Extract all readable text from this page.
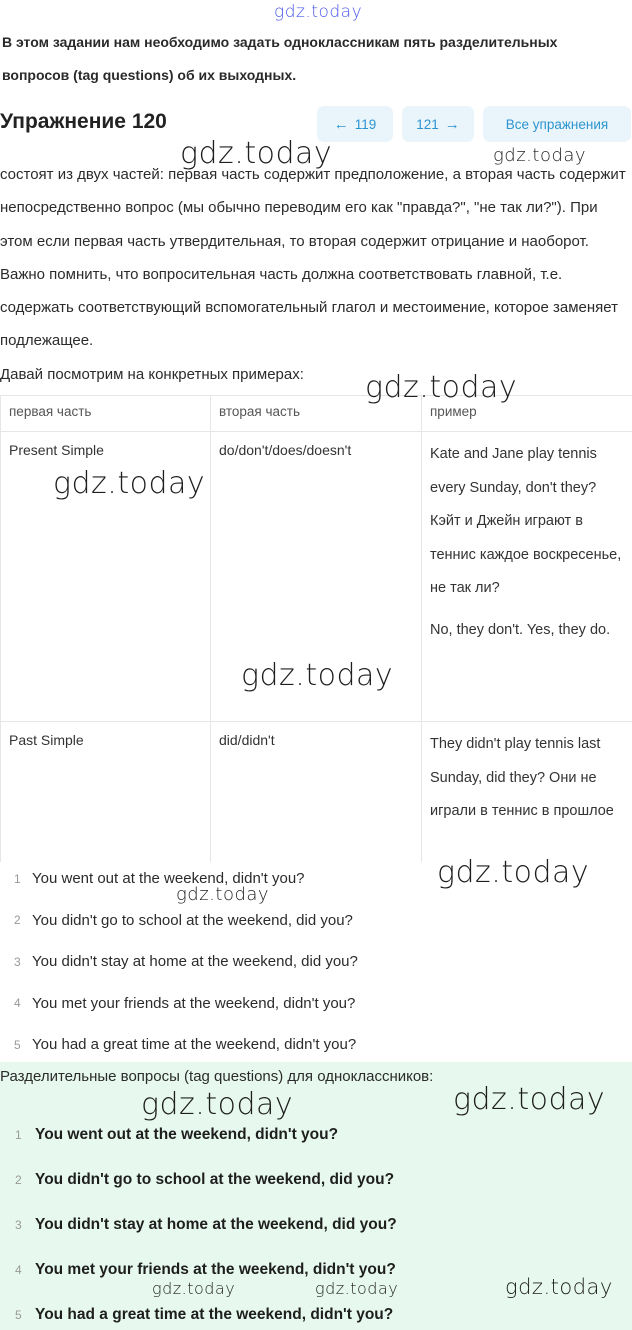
gdz.today
В этом задании нам необходимо задать одноклассникам пять разделительных вопросов (tag questions) об их выходных.
Упражнение 120	← 119	121 →	Все упражнения
состоят из двух частей: первая часть содержит предположение, а вторая часть содержит непосредственно вопрос (мы обычно переводим его как "правда?", "не так ли?"). При этом если первая часть утвердительная, то вторая содержит отрицание и наоборот. Важно помнить, что вопросительная часть должна соответствовать главной, т.е. содержать соответствующий вспомогательный глагол и местоимение, которое заменяет подлежащее.
Давай посмотрим на конкретных примерах:
первая часть	вторая часть	пример
Present Simple	do/don't/does/doesn't	Kate and Jane play tennis every Sunday, don't they? Кэйт и Джейн играют в теннис каждое воскресенье, не так ли?
No, they don't. Yes, they do.

Past Simple	did/didn't	They didn't play tennis last Sunday, did they? Они не играли в теннис в прошлое
1 You went out at the weekend, didn't you?
2 You didn't go to school at the weekend, did you?
3 You didn't stay at home at the weekend, did you?
4 You met your friends at the weekend, didn't you?
5 You had a great time at the weekend, didn't you?
Разделительные вопросы (tag questions) для одноклассников:
1 You went out at the weekend, didn't you?
2 You didn't go to school at the weekend, did you?
3 You didn't stay at home at the weekend, did you?
4 You met your friends at the weekend, didn't you?
5 You had a great time at the weekend, didn't you?
gdz.today	gdz.today
gdz.today
gdz.today
gdz.today
gdz.today
gdz.today
gdz.today	gdz.today
gdz.today	gdz.today	gdz.today
